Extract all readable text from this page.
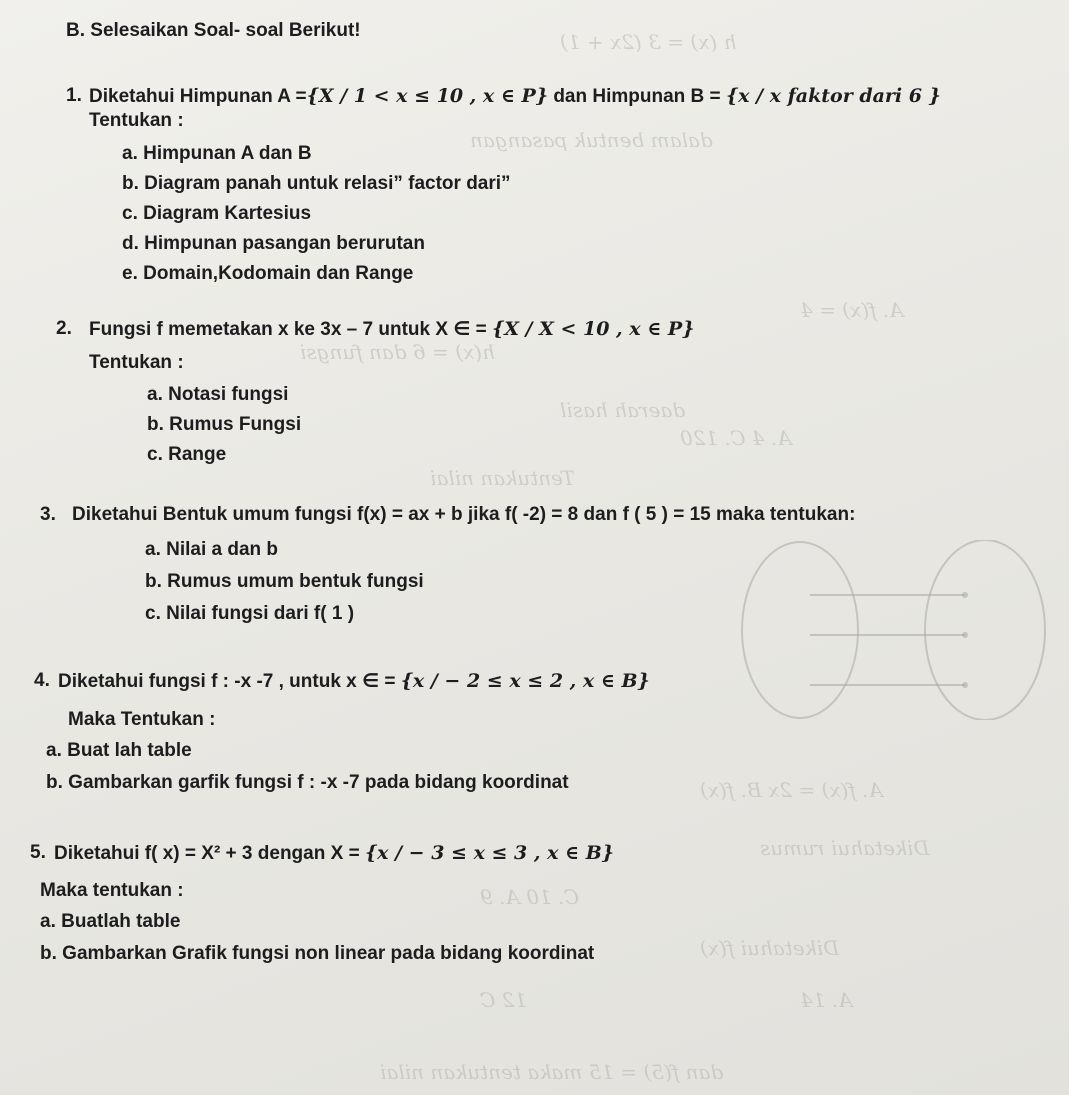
h (x) = 3 (2x + 1)
dalam bentuk pasangan
A. f(x) = 4
h(x) = 6 dan fungsi
daerah hasil
A. 4 C. 120
Tentukan nilai
A. f(x) = 2x B. f(x)
Diketahui rumus
C. 10 A. 9
Diketahui f(x)
12 C	A. 14
dan f(5) = 15 maka tentukan nilai
B. Selesaikan Soal- soal Berikut!
1. Diketahui Himpunan A ={X / 1 < x ≤ 10 , x ∈ P} dan Himpunan B = {x / x faktor dari 6 }
Tentukan :
a. Himpunan A dan B
b. Diagram panah untuk relasi” factor dari”
c. Diagram Kartesius
d. Himpunan pasangan berurutan
e. Domain,Kodomain dan Range
2. Fungsi f memetakan x ke 3x – 7 untuk X ∈ = {X / X < 10 , x ∈ P}
Tentukan :
a. Notasi fungsi
b. Rumus Fungsi
c. Range
3. Diketahui Bentuk umum fungsi f(x) = ax + b jika f( -2) = 8 dan f ( 5 ) = 15 maka tentukan:
a. Nilai a dan b
b. Rumus umum bentuk fungsi
c. Nilai fungsi dari f( 1 )
4. Diketahui fungsi f : -x -7 , untuk x ∈ = {x / − 2 ≤ x ≤ 2 , x ∈ B}
Maka Tentukan :
a. Buat lah table
b. Gambarkan garfik fungsi f : -x -7 pada bidang koordinat
5. Diketahui f( x) = X² + 3 dengan X = {x / − 3 ≤ x ≤ 3 , x ∈ B}
Maka tentukan :
a. Buatlah table
b. Gambarkan Grafik fungsi non linear pada bidang koordinat
